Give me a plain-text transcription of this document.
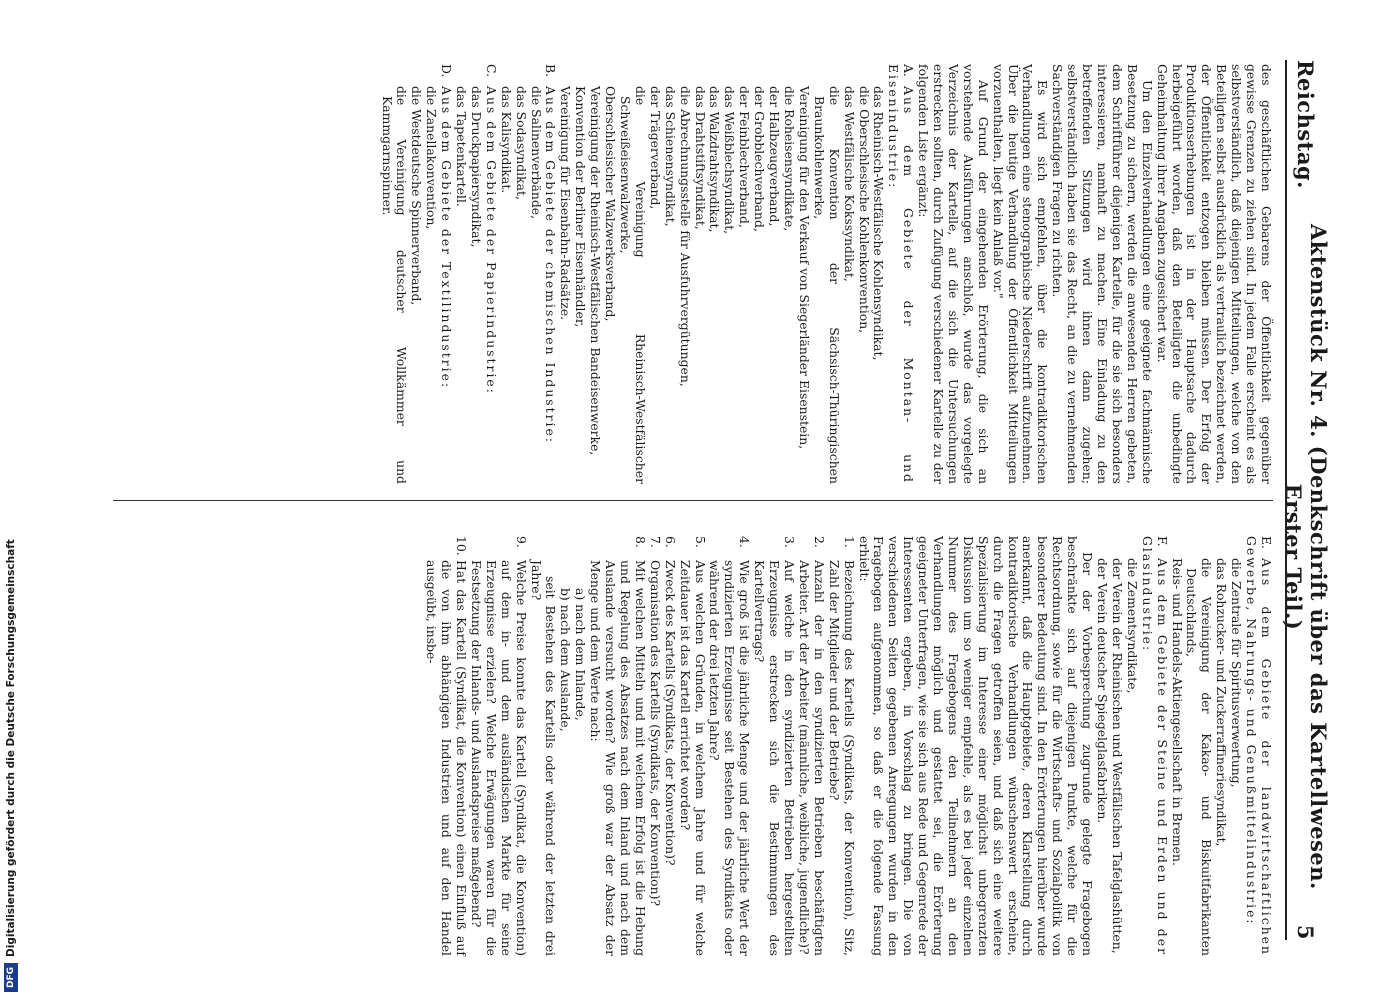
Reichstag.
Aktenstück Nr. 4. (Denkschrift über das Kartellwesen. Erster Teil.)
5

des geschäftlichen Gebarens der Öffentlichkeit gegenüber gewisse Grenzen zu ziehen sind. In jedem Falle erscheint es als selbstverständlich, daß diejenigen Mitteilungen, welche von den Beteiligten selbst ausdrücklich als vertraulich bezeichnet werden, der Öffentlichkeit entzogen bleiben müssen. Der Erfolg der Produktionserhebungen ist in der Hauptsache dadurch herbeigeführt worden, daß den Beteiligten die unbedingte Geheimhaltung ihrer Angaben zugesichert war.

Um den Einzelverhandlungen eine geeignete fachmännische Besetzung zu sichern, werden die anwesenden Herren gebeten, dem Schriftführer diejenigen Kartelle, für die sie sich besonders interessieren, namhaft zu machen. Eine Einladung zu den betreffenden Sitzungen wird ihnen dann zugehen; selbstverständlich haben sie das Recht, an die zu vernehmenden Sachverständigen Fragen zu richten.

Es wird sich empfehlen, über die kontradiktorischen Verhandlungen eine stenographische Niederschrift aufzunehmen. Über die heutige Verhandlung der Öffentlichkeit Mitteilungen vorzuenthalten, liegt kein Anlaß vor."

Auf Grund der eingehenden Erörterung, die sich an vorstehende Ausführungen anschloß, wurde das vorgelegte Verzeichnis der Kartelle, auf die sich die Untersuchungen erstrecken sollten, durch Zufügung verschiedener Kartelle zu der folgenden Liste ergänzt:

A.Aus dem Gebiete der Montan- und Eisenindustrie:

das Rheinisch-Westfälische Kohlensyndikat,

die Oberschlesische Kohlenkonvention,

das Westfälische Kokssyndikat,

die Konvention der Sächsisch-Thüringischen Braunkohlenwerke,

Vereinigung für den Verkauf von Siegerländer Eisenstein,

die Roheisensyndikate,

der Halbzeugverband,

der Grobblechverband,

der Feinblechverband,

das Weißblechsyndikat,

das Walzdrahtsyndikat,

das Drahtstiftsyndikat,

die Abrechnungsstelle für Ausfuhrvergütungen,

das Schienensyndikat,

der Trägerverband,

die Vereinigung Rheinisch-Westfälischer Schweißeisenwalzwerke,

Oberschlesischer Walzwerksverband,

Vereinigung der Rheinisch-Westfälischen Bandeisenwerke,

Konvention der Berliner Eisenhändler,

Vereinigung für Eisenbahn-Radsätze.

B.Aus dem Gebiete der chemischen Industrie:

die Salinenverbände,

das Sodasyndikat,

das Kalisyndikat.

C.Aus dem Gebiete der Papierindustrie:

das Druckpapiersyndikat,

das Tapetenkartell.

D.Aus dem Gebiete der Textilindustrie:

die Zanellakonvention,

die Westdeutsche Spinnerverband,

die Vereinigung deutscher Wollkämmer und Kammgarnspinner.

E.Aus dem Gebiete der landwirtschaftlichen Gewerbe, Nahrungs- und Genußmittelindustrie:

die Zentrale für Spiritusverwertung,

das Rohzucker- und Zuckerraffineriesyndikat,

die Vereinigung der Kakao- und Biskuitfabrikanten Deutschlands,

Reis- und Handels-Aktiengesellschaft in Bremen.

F.Aus dem Gebiete der Steine und Erden und der Glasindustrie:

die Zementsyndikate,

der Verein der Rheinischen und Westfälischen Tafelglashütten,

der Verein deutscher Spiegelglasfabriken.

Der der Vorbesprechung zugrunde gelegte Fragebogen beschränkte sich auf diejenigen Punkte, welche für die Rechtsordnung, sowie für die Wirtschafts- und Sozialpolitik von besonderer Bedeutung sind. In den Erörterungen hierüber wurde anerkannt, daß die Hauptgebiete, deren Klarstellung durch kontradiktorische Verhandlungen wünschenswert erscheine, durch die Fragen getroffen seien, und daß sich eine weitere Spezialisierung im Interesse einer möglichst unbegrenzten Diskussion um so weniger empfehle, als es bei jeder einzelnen Nummer des Fragebogens den Teilnehmern an den Verhandlungen möglich und gestattet sei, die Erörterung geeigneter Unterfragen, wie sie sich aus Rede und Gegenrede der Interessenten ergeben, in Vorschlag zu bringen. Die von verschiedenen Seiten gegebenen Anregungen wurden in den Fragebogen aufgenommen, so daß er die folgende Fassung erhielt:

1.Bezeichnung des Kartells (Syndikats, der Konvention), Sitz, Zahl der Mitglieder und der Betriebe?

2.Anzahl der in den syndizierten Betrieben beschäftigten Arbeiter. Art der Arbeiter (männliche, weibliche, jugendliche)?

3.Auf welche in den syndizierten Betrieben hergestellten Erzeugnisse erstrecken sich die Bestimmungen des Kartellvertrags?

4.Wie groß ist die jährliche Menge und der jährliche Wert der syndizierten Erzeugnisse seit Bestehen des Syndikats oder während der drei letzten Jahre?

5.Aus welchen Gründen, in welchem Jahre und für welche Zeitdauer ist das Kartell errichtet worden?

6.Zweck des Kartells (Syndikats, der Konvention)?

7.Organisation des Kartells (Syndikats, der Konvention)?

8.Mit welchen Mitteln und mit welchem Erfolg ist die Hebung und Regelung des Absatzes nach dem Inland und nach dem Auslande versucht worden? Wie groß war der Absatz der Menge und dem Werte nach:

a) nach dem Inlande,

b) nach dem Auslande,

seit Bestehen des Kartells oder während der letzten drei Jahre?

9.Welche Preise konnte das Kartell (Syndikat, die Konvention) auf dem in- und dem ausländischen Markte für seine Erzeugnisse erzielen? Welche Erwägungen waren für die Festsetzung der Inlands- und Auslandspreise maßgebend?

10.Hat das Kartell (Syndikat, die Konvention) einen Einfluß auf die von ihm abhängigen Industrien und auf den Handel ausgeübt, insbe-

DFG
Digitalisierung gefördert durch die Deutsche Forschungsgemeinschaft
